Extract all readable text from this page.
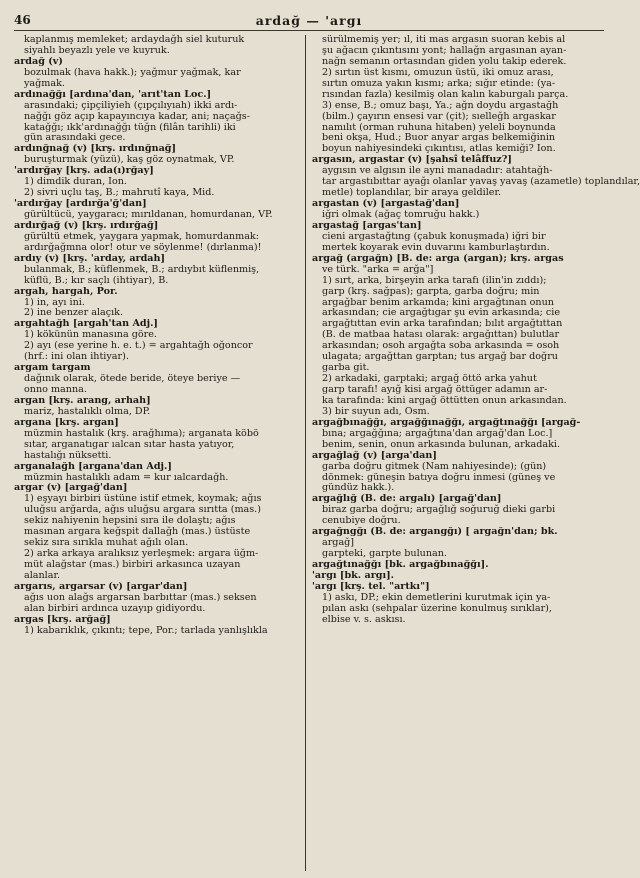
46	ardağ — 'argı
kaplanmış memleket; ardaydağh siel kuturuk
siyahlı beyazlı yele ve kuyruk.
ardağ (v)
bozulmak (hava hakk.); yağmur yağmak, kar
yağmak.
ardınağğı [ardına'dan, 'arıt'tan Loc.]
arasındaki; çipçiliyieh (çıpçılıyıah) ikki ardı-
nağğı göz açıp kapayıncıya kadar, ani; naçağs-
katağğı; ıkk'ardınağğı tüğn (filân tarihli) iki
gün arasındaki gece.
ardınğnağ (v) [krş. ırdınğnağ]
buruşturmak (yüzü), kaş göz oynatmak, VP.
'ardırğay [krş. ada(ı)rğay]
1) dimdik duran, Ion.
2) sivri uçlu taş, B.; mahrutî kaya, Mid.
'ardırğay [ardırğa'ğ'dan]
gürültücü, yaygaracı; mırıldanan, homurdanan, VP.
ardırğağ (v) [krş. ırdırğağ]
gürültü etmek, yaygara yapmak, homurdanmak:
ardırğağmna olor! otur ve söylenme! (dırlanma)!
ardıy (v) [krş. 'arday, ardah]
bulanmak, B.; küflenmek, B.; ardıybıt küflenmiş,
küflü, B.; kır saçlı (ihtiyar), B.
argah, hargah, Por.
1) in, ayı ini.
2) ine benzer alaçık.
argahtağh [argah'tan Adj.]
1) kökünün manasına göre.
2) ayı (ese yerine h. e. t.) = argahtağh oğoncor
(hrf.: ini olan ihtiyar).
argam targam
dağınık olarak, ötede beride, öteye beriye —
onno manna.
argan [krş. arang, arhah]
mariz, hastalıklı olma, DP.
argana [krş. argan]
müzmin hastalık (krş. arağhıma); arganata köbö
sıtar, arganatıgar ıalcan sıtar hasta yatıyor,
hastalığı nüksetti.
arganalağh [argana'dan Adj.]
müzmin hastalıklı adam = kur ıalcardağh.
argar (v) [argağ'dan]
1) eşyayı birbiri üstüne istif etmek, koymak; ağıs
uluğsu arğarda, ağıs uluğsu argara sırıtta (mas.)
sekiz nahiyenin hepsini sıra ile dolaştı; ağıs
masınan argara keğspit dallağh (mas.) üstüste
sekiz sıra sırıkla muhat ağılı olan.
2) arka arkaya aralıksız yerleşmek: argara üğm-
müt alağstar (mas.) birbiri arkasınca uzayan
alanlar.
argarıs, argarsar (v) [argar'dan]
ağıs uon alağs argarsan barbıttar (mas.) seksen
alan birbiri ardınca uzayıp gidiyordu.
argas [krş. arğağ]
1) kabarıklık, çıkıntı; tepe, Por.; tarlada yanlışlıkla
sürülmemiş yer; ıl, iti mas argasın suoran kebis al
şu ağacın çıkıntısını yont; hallağn argasınan ayan-
nağn semanın ortasından giden yolu takip ederek.
2) sırtın üst kısmı, omuzun üstü, iki omuz arası,
sırtın omuza yakın kısmı; arka; sığır etinde: (ya-
rısından fazla) kesilmiş olan kalın kaburgalı parça.
3) ense, B.; omuz başı, Ya.; ağn doydu argastağh
(bilm.) çayırın ensesi var (çit); sıelleğh argaskar
namılıt (orman ruhuna hitaben) yeleli boynunda
beni okşa, Hud.; Buor anyar argas belkemiğinin
boyun nahiyesindeki çıkıntısı, atlas kemiği? Ion.
argasın, argastar (v) [şahsî telâffuz?]
aygısın ve algısın ile ayni manadadır: atahtağh-
tar argastıbıttar ayağı olanlar yavaş yavaş (azametle) toplandılar,
metle) toplandılar, bir araya geldiler.
argastan (v) [argastağ'dan]
iğri olmak (ağaç tomruğu hakk.)
argastağ [argas'tan]
cieni argastağtıng (çabuk konuşmada) iğri bir
mertek koyarak evin duvarını kamburlaştırdın.
argağ (argağn) [B. de: arga (argan); krş. argas
ve türk. "arka = arğa"]
1) sırt, arka, birşeyin arka tarafı (ilin'in zıddı);
garp (krş. sağpas); garpta, garba doğru; min
argağbar benim arkamda; kini argağtınan onun
arkasından; cie argağtıgar şu evin arkasında; cie
argağtıttan evin arka tarafından; bılıt argağtıttan
(B. de matbaa hatası olarak: argağıttan) bulutlar
arkasından; osoh argağta soba arkasında = osoh
ulagata; argağttan garptan; tus argağ bar doğru
garba git.
2) arkadaki, garptaki; argağ öttö arka yahut
garp tarafı! ayığ kisi argağ öttüger adamın ar-
ka tarafında: kini argağ öttütten onun arkasından.
3) bir suyun adı, Osm.
argağbınağğı, argağğınağğı, argağtınağğı [argağ-
bına; argağğına; argağtına'dan argağ'dan Loc.]
benim, senin, onun arkasında bulunan, arkadaki.
argağlağ (v) [arga'dan]
garba doğru gitmek (Nam nahiyesinde); (gün)
dönmek: güneşin batıya doğru inmesi (güneş ve
gündüz hakk.).
argağlığ (B. de: argalı) [argağ'dan]
biraz garba doğru; argağlığ soğuruğ dieki garbi
cenubiye doğru.
argağngğı (B. de: argangğı) [ argağn'dan; bk.
argağ]
garpteki, garpte bulunan.
argağtınağğı [bk. argağbınağğı].
'argı [bk. argı].
'argı [krş. tel. "artkı"]
1) askı, DP.; ekin demetlerini kurutmak için ya-
pılan askı (sehpalar üzerine konulmuş sırıklar),
elbise v. s. askısı.
